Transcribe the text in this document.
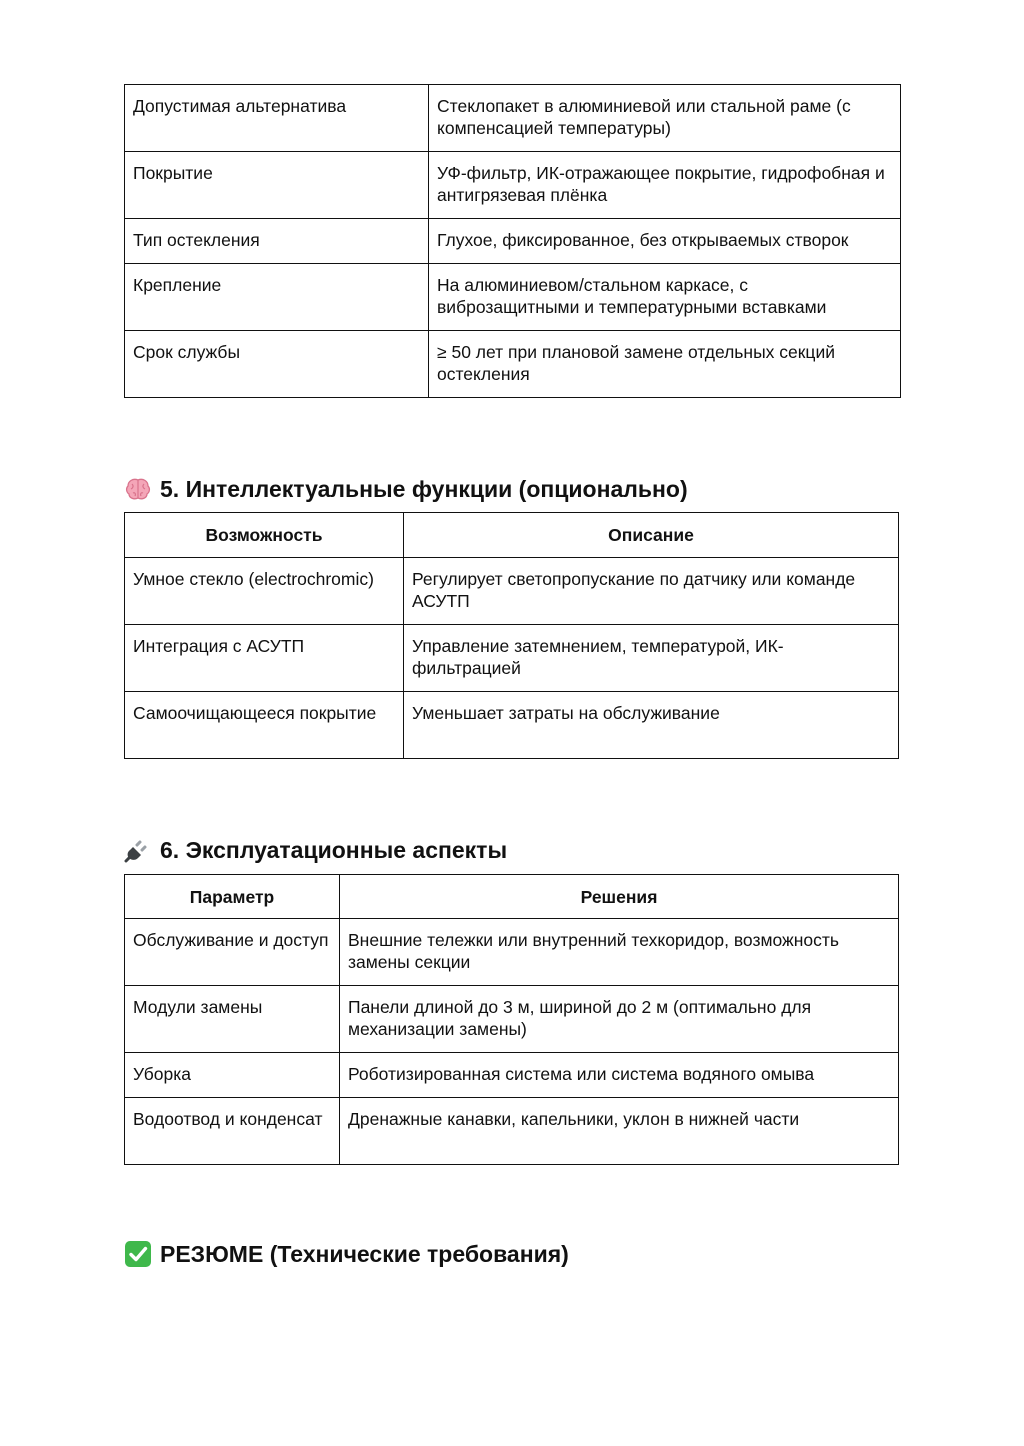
Допустимая альтернатива	Стеклопакет в алюминиевой или стальной раме (с компенсацией температуры)
Покрытие	УФ-фильтр, ИК-отражающее покрытие, гидрофобная и антигрязевая плёнка
Тип остекления	Глухое, фиксированное, без открываемых створок
Крепление	На алюминиевом/стальном каркасе, с виброзащитными и температурными вставками
Срок службы	≥ 50 лет при плановой замене отдельных секций остекления
5. Интеллектуальные функции (опционально)
Возможность	Описание
Умное стекло (electrochromic)	Регулирует светопропускание по датчику или команде АСУТП
Интеграция с АСУТП	Управление затемнением, температурой, ИК-фильтрацией
Самоочищающееся покрытие	Уменьшает затраты на обслуживание
6. Эксплуатационные аспекты
Параметр	Решения
Обслуживание и доступ	Внешние тележки или внутренний техкоридор, возможность замены секции
Модули замены	Панели длиной до 3 м, шириной до 2 м (оптимально для механизации замены)
Уборка	Роботизированная система или система водяного омыва
Водоотвод и конденсат	Дренажные канавки, капельники, уклон в нижней части
РЕЗЮМЕ (Технические требования)
